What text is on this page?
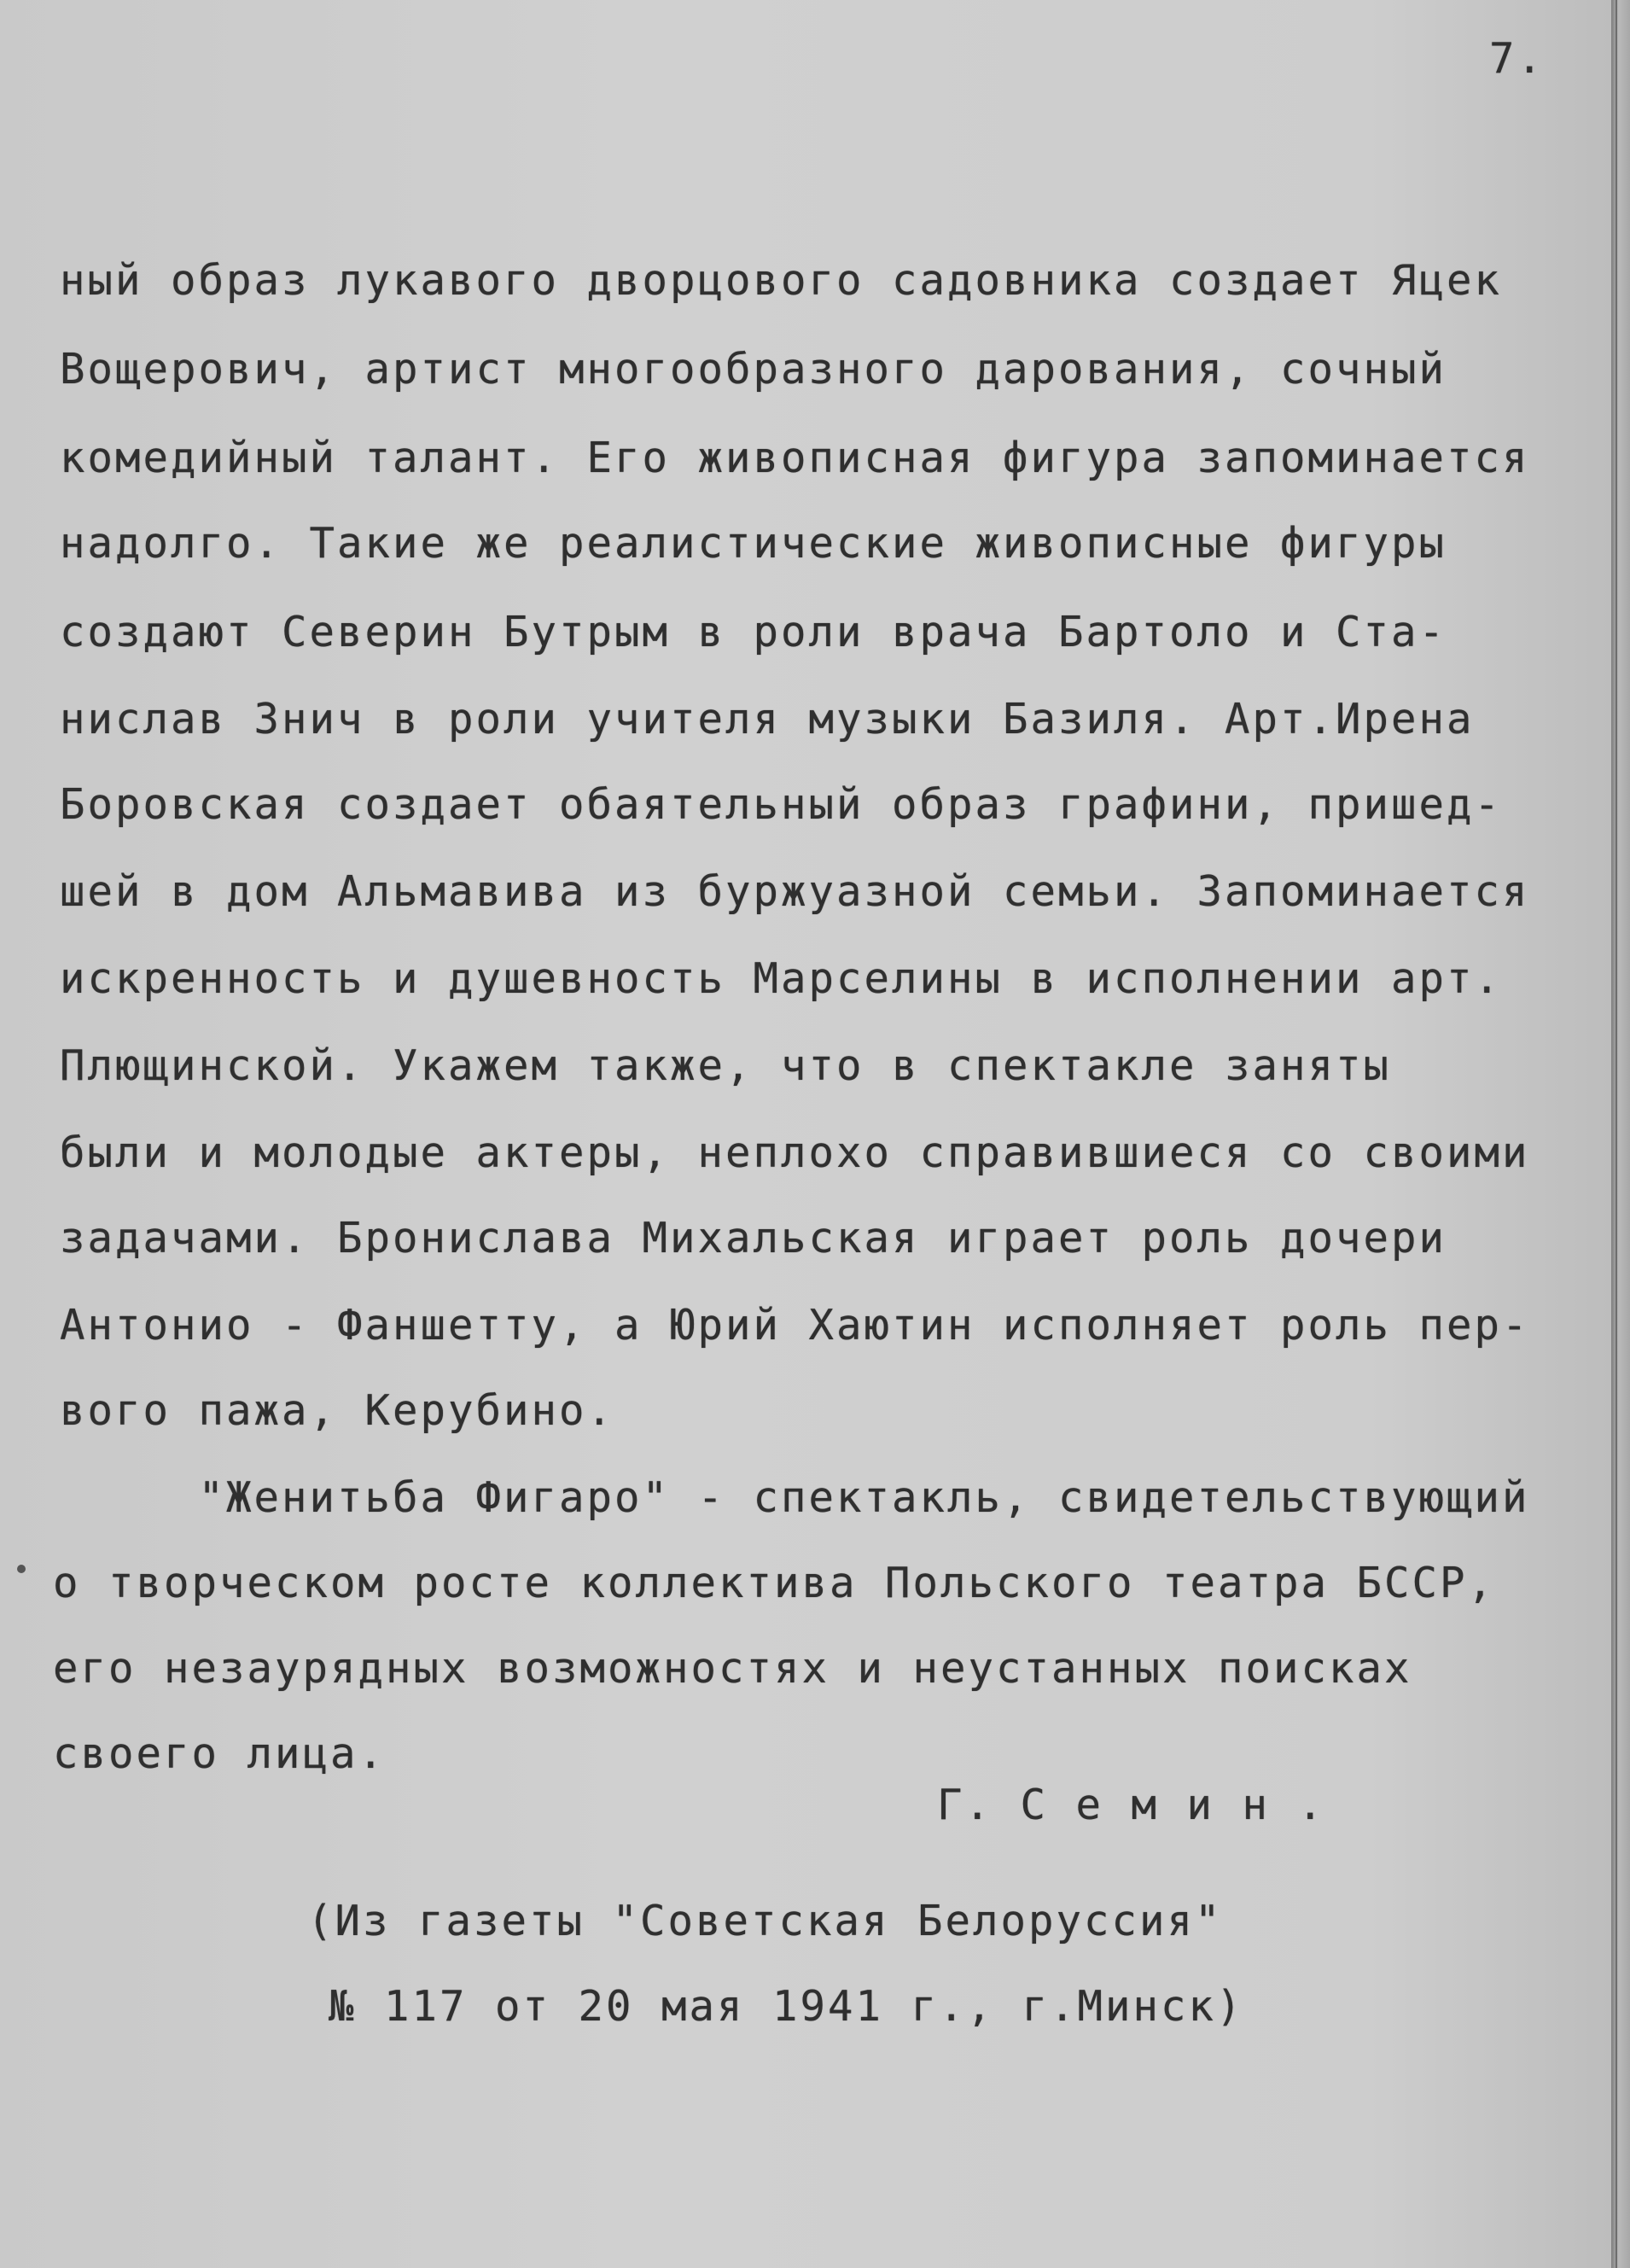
7.
ный образ лукавого дворцового садовника создает Яцек
Вощерович, артист многообразного дарования, сочный
комедийный талант. Его живописная фигура запоминается
надолго. Такие же реалистические живописные фигуры
создают Северин Бутрым в роли врача Бартоло и Ста-
нислав Знич в роли учителя музыки Базиля. Арт.Ирена
Боровская создает обаятельный образ графини, пришед-
шей в дом Альмавива из буржуазной семьи. Запоминается
искренность и душевность Марселины в исполнении арт.
Плющинской. Укажем также, что в спектакле заняты
были и молодые актеры, неплохо справившиеся со своими
задачами. Брониcлава Михальская играет роль дочери
Антонио - Фаншетту, а Юрий Хаютин исполняет роль пер-
вого пажа, Керубино.
"Женитьба Фигаро" - спектакль, свидетельствующий
о творческом росте коллектива Польского театра БССР,
его незаурядных возможностях и неустанных поисках
своего лица.
Г. С е м и н .
(Из газеты "Советская Белоруссия"
№ 117 от 20 мая 1941 г., г.Минск)
